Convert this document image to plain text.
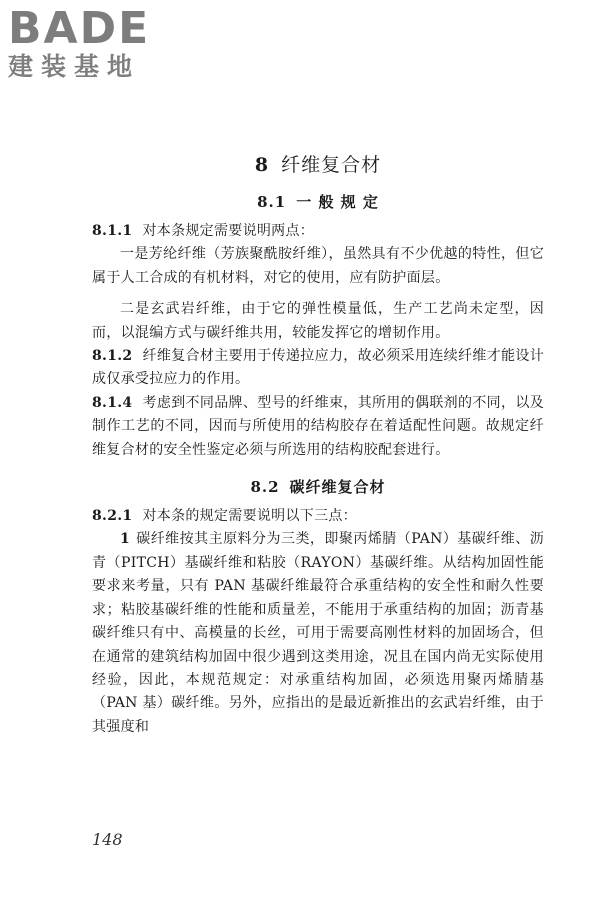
BADE
建装基地
8 纤维复合材
8.1 一 般 规 定

8.1.1 对本条规定需要说明两点：

一是芳纶纤维（芳族聚酰胺纤维），虽然具有不少优越的特性，但它属于人工合成的有机材料，对它的使用，应有防护面层。

二是玄武岩纤维，由于它的弹性模量低，生产工艺尚未定型，因而，以混编方式与碳纤维共用，较能发挥它的增韧作用。

8.1.2 纤维复合材主要用于传递拉应力，故必须采用连续纤维才能设计成仅承受拉应力的作用。

8.1.4 考虑到不同品牌、型号的纤维束，其所用的偶联剂的不同，以及制作工艺的不同，因而与所使用的结构胶存在着适配性问题。故规定纤维复合材的安全性鉴定必须与所选用的结构胶配套进行。

8.2 碳纤维复合材

8.2.1 对本条的规定需要说明以下三点：

1 碳纤维按其主原料分为三类，即聚丙烯腈（PAN）基碳纤维、沥青（PITCH）基碳纤维和粘胶（RAYON）基碳纤维。从结构加固性能要求来考量，只有 PAN 基碳纤维最符合承重结构的安全性和耐久性要求；粘胶基碳纤维的性能和质量差，不能用于承重结构的加固；沥青基碳纤维只有中、高模量的长丝，可用于需要高刚性材料的加固场合，但在通常的建筑结构加固中很少遇到这类用途，况且在国内尚无实际使用经验，因此，本规范规定：对承重结构加固，必须选用聚丙烯腈基（PAN 基）碳纤维。另外，应指出的是最近新推出的玄武岩纤维，由于其强度和

148
